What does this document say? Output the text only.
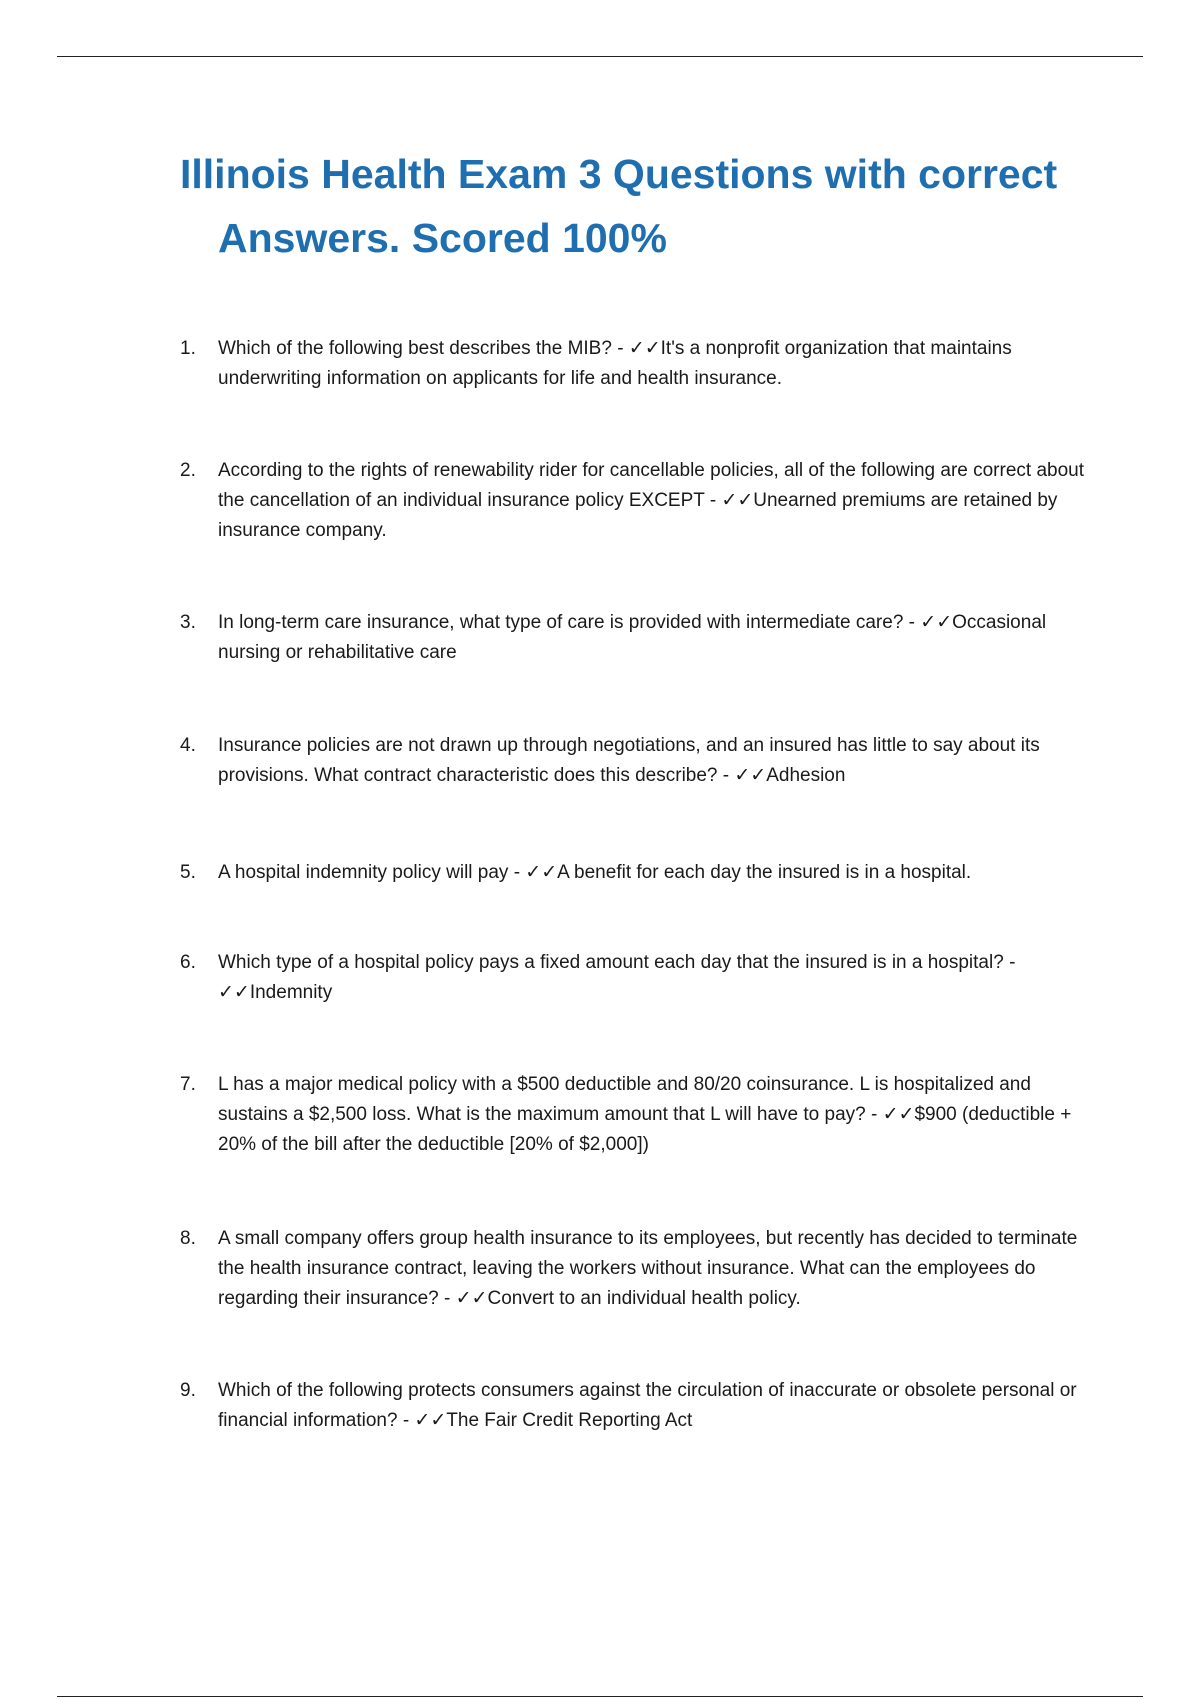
Illinois Health Exam 3 Questions with correct Answers. Scored 100%
1.	Which of the following best describes the MIB? - ✓✓It's a nonprofit organization that maintains underwriting information on applicants for life and health insurance.
2.	According to the rights of renewability rider for cancellable policies, all of the following are correct about the cancellation of an individual insurance policy EXCEPT - ✓✓Unearned premiums are retained by insurance company.
3.	In long-term care insurance, what type of care is provided with intermediate care? - ✓✓Occasional nursing or rehabilitative care
4.	Insurance policies are not drawn up through negotiations, and an insured has little to say about its provisions. What contract characteristic does this describe? - ✓✓Adhesion
5.	A hospital indemnity policy will pay - ✓✓A benefit for each day the insured is in a hospital.
6.	Which type of a hospital policy pays a fixed amount each day that the insured is in a hospital? - ✓✓Indemnity
7.	L has a major medical policy with a $500 deductible and 80/20 coinsurance. L is hospitalized and sustains a $2,500 loss. What is the maximum amount that L will have to pay? - ✓✓$900 (deductible + 20% of the bill after the deductible [20% of $2,000])
8.	A small company offers group health insurance to its employees, but recently has decided to terminate the health insurance contract, leaving the workers without insurance. What can the employees do regarding their insurance? - ✓✓Convert to an individual health policy.
9.	Which of the following protects consumers against the circulation of inaccurate or obsolete personal or financial information? - ✓✓The Fair Credit Reporting Act
